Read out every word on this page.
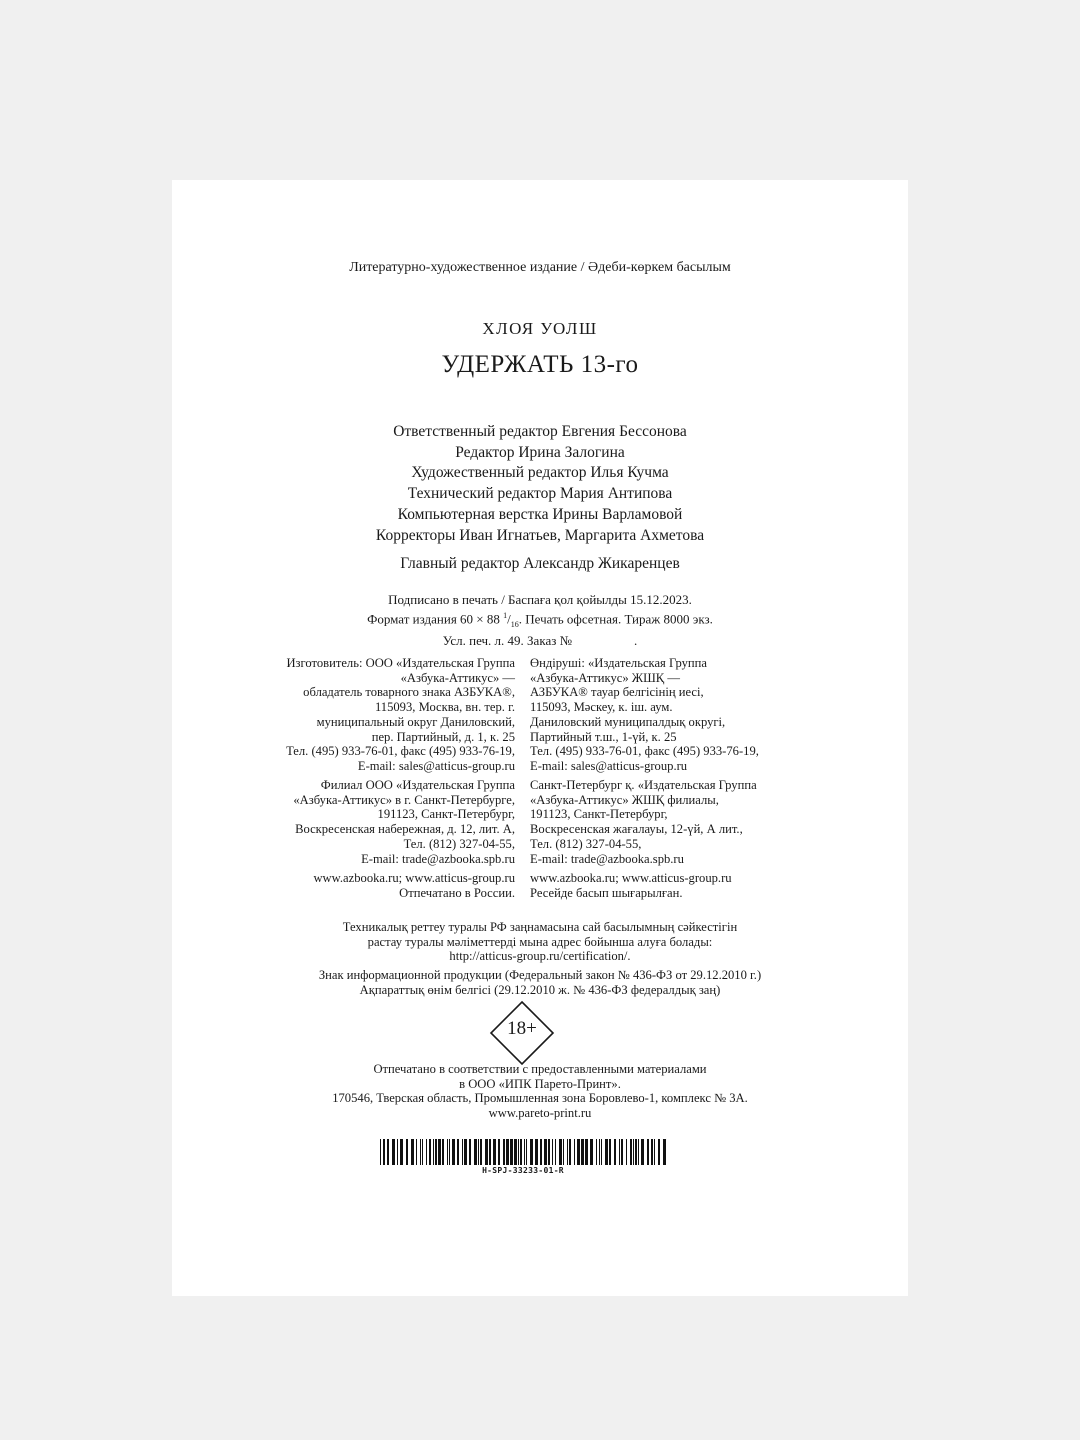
Литературно-художественное издание / Әдеби-көркем басылым
ХЛОЯ УОЛШ
УДЕРЖАТЬ 13-го
Ответственный редактор Евгения Бессонова
Редактор Ирина Залогина
Художественный редактор Илья Кучма
Технический редактор Мария Антипова
Компьютерная верстка Ирины Варламовой
Корректоры Иван Игнатьев, Маргарита Ахметова
Главный редактор Александр Жикаренцев
Подписано в печать / Баспаға қол қойылды 15.12.2023.
Формат издания 60 × 88 $^1/_{16}$. Печать офсетная. Тираж 8000 экз.
Усл. печ. л. 49. Заказ №	.
Изготовитель: ООО «Издательская Группа
«Азбука-Аттикус» —
обладатель товарного знака АЗБУКА®,
115093, Москва, вн. тер. г.
муниципальный округ Даниловский,
пер. Партийный, д. 1, к. 25
Тел. (495) 933-76-01, факс (495) 933-76-19,
E-mail: sales@atticus-group.ru
Өндіруші: «Издательская Группа
«Азбука-Аттикус» ЖШҚ —
АЗБУКА® тауар белгісінің иесі,
115093, Мәскеу, к. іш. аум.
Даниловский муниципалдық округі,
Партийный т.ш., 1-үй, к. 25
Тел. (495) 933-76-01, факс (495) 933-76-19,
E-mail: sales@atticus-group.ru
Филиал ООО «Издательская Группа
«Азбука-Аттикус» в г. Санкт-Петербурге,
191123, Санкт-Петербург,
Воскресенская набережная, д. 12, лит. А,
Тел. (812) 327-04-55,
E-mail: trade@azbooka.spb.ru
Санкт-Петербург қ. «Издательская Группа
«Азбука-Аттикус» ЖШҚ филиалы,
191123, Санкт-Петербург,
Воскресенская жағалауы, 12-үй, А лит.,
Тел. (812) 327-04-55,
E-mail: trade@azbooka.spb.ru
www.azbooka.ru; www.atticus-group.ru
Отпечатано в России.
www.azbooka.ru; www.atticus-group.ru
Ресейде басып шығарылған.
Техникалық реттеу туралы РФ заңнамасына сай басылымның сәйкестігін
растау туралы мәліметтерді мына адрес бойынша алуға болады:
http://atticus-group.ru/certification/.
Знак информационной продукции (Федеральный закон № 436-ФЗ от 29.12.2010 г.)
Ақпараттық өнім белгісі (29.12.2010 ж. № 436-ФЗ федералдық заң)
18+
Отпечатано в соответствии с предоставленными материалами
в ООО «ИПК Парето-Принт».
170546, Тверская область, Промышленная зона Боровлево-1, комплекс № 3А.
www.pareto-print.ru
H-SPJ-33233-01-R
